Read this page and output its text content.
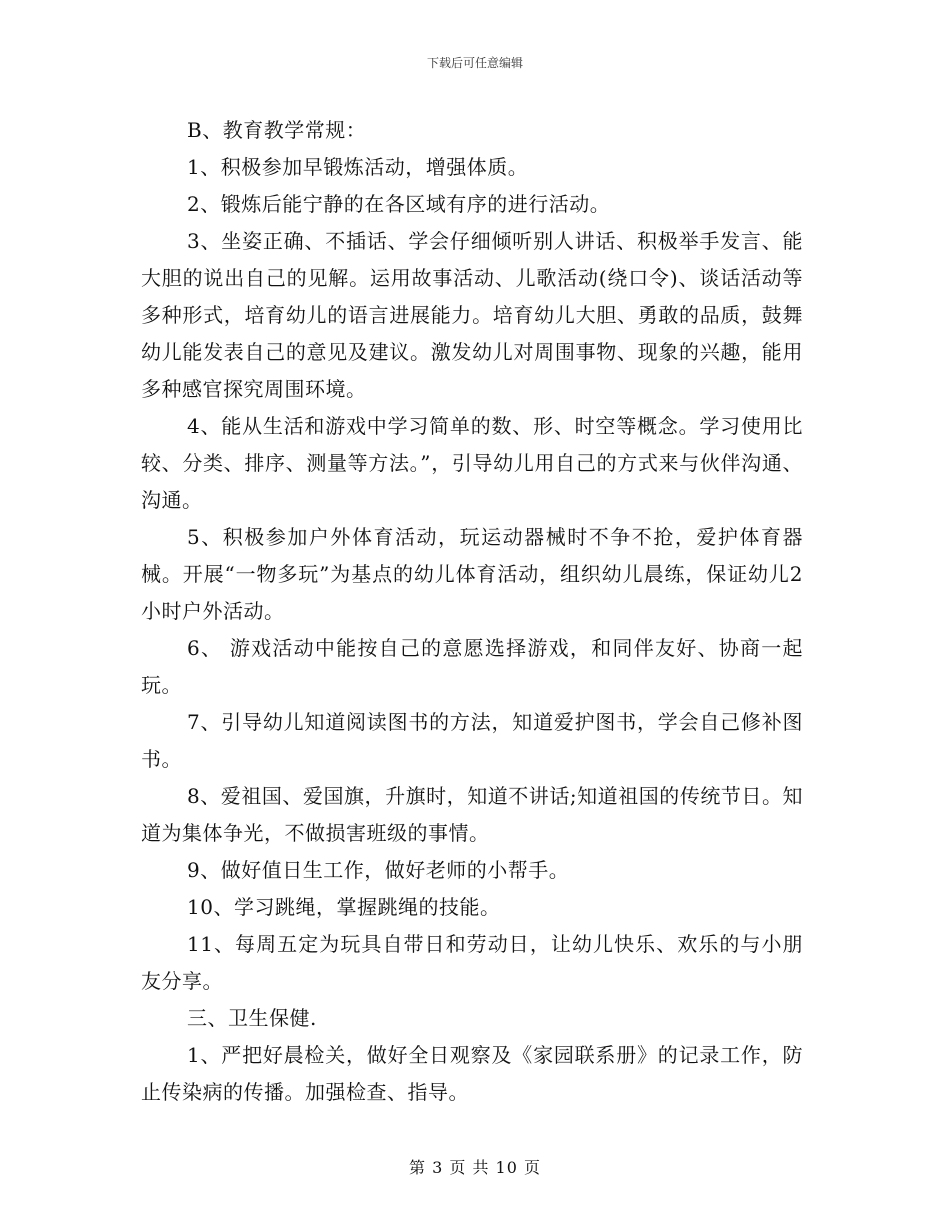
下载后可任意编辑

B、教育教学常规：

1、积极参加早锻炼活动，增强体质。

2、锻炼后能宁静的在各区域有序的进行活动。

3、坐姿正确、不插话、学会仔细倾听别人讲话、积极举手发言、能大胆的说出自己的见解。运用故事活动、儿歌活动(绕口令)、谈话活动等多种形式，培育幼儿的语言进展能力。培育幼儿大胆、勇敢的品质，鼓舞幼儿能发表自己的意见及建议。激发幼儿对周围事物、现象的兴趣，能用多种感官探究周围环境。

4、能从生活和游戏中学习简单的数、形、时空等概念。学习使用比较、分类、排序、测量等方法。”，引导幼儿用自己的方式来与伙伴沟通、沟通。

5、积极参加户外体育活动，玩运动器械时不争不抢，爱护体育器械。开展“一物多玩”为基点的幼儿体育活动，组织幼儿晨练，保证幼儿2小时户外活动。

6、 游戏活动中能按自己的意愿选择游戏，和同伴友好、协商一起玩。

7、引导幼儿知道阅读图书的方法，知道爱护图书，学会自己修补图书。

8、爱祖国、爱国旗，升旗时，知道不讲话;知道祖国的传统节日。知道为集体争光，不做损害班级的事情。

9、做好值日生工作，做好老师的小帮手。

10、学习跳绳，掌握跳绳的技能。

11、每周五定为玩具自带日和劳动日，让幼儿快乐、欢乐的与小朋友分享。

三、卫生保健.

1、严把好晨检关，做好全日观察及《家园联系册》的记录工作，防止传染病的传播。加强检查、指导。

第 3 页 共 10 页
